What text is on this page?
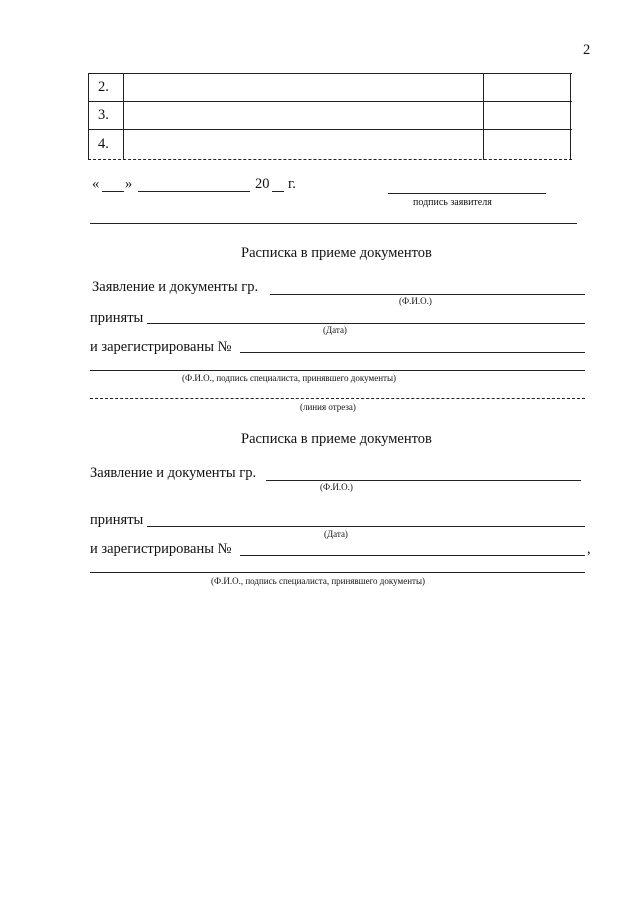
2
2.
3.
4.
« »	20 г.
подпись заявителя
Расписка в приеме документов
Заявление и документы гр.
(Ф.И.О.)
приняты
(Дата)
и зарегистрированы №
(Ф.И.О., подпись специалиста, принявшего документы)
(линия отреза)
Расписка в приеме документов
Заявление и документы гр.
(Ф.И.О.)
приняты
(Дата)
и зарегистрированы №	,
(Ф.И.О., подпись специалиста, принявшего документы)
